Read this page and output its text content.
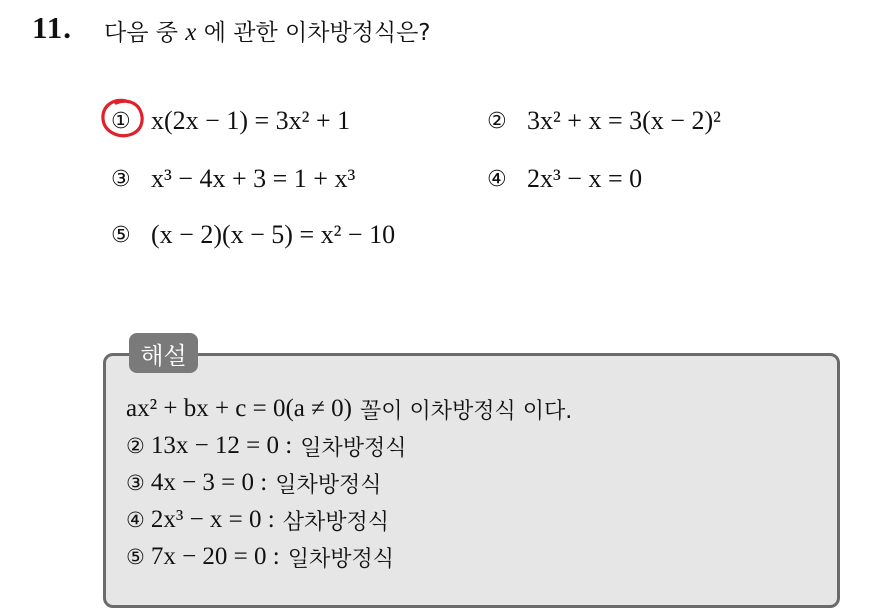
11. 다음 중 x 에 관한 이차방정식은?
① x(2x − 1) = 3x² + 1	② 3x² + x = 3(x − 2)²
③ x³ − 4x + 3 = 1 + x³	④ 2x³ − x = 0
⑤ (x − 2)(x − 5) = x² − 10
해설
ax² + bx + c = 0(a ≠ 0) 꼴이 이차방정식 이다.
② 13x − 12 = 0 : 일차방정식
③ 4x − 3 = 0 : 일차방정식
④ 2x³ − x = 0 : 삼차방정식
⑤ 7x − 20 = 0 : 일차방정식
